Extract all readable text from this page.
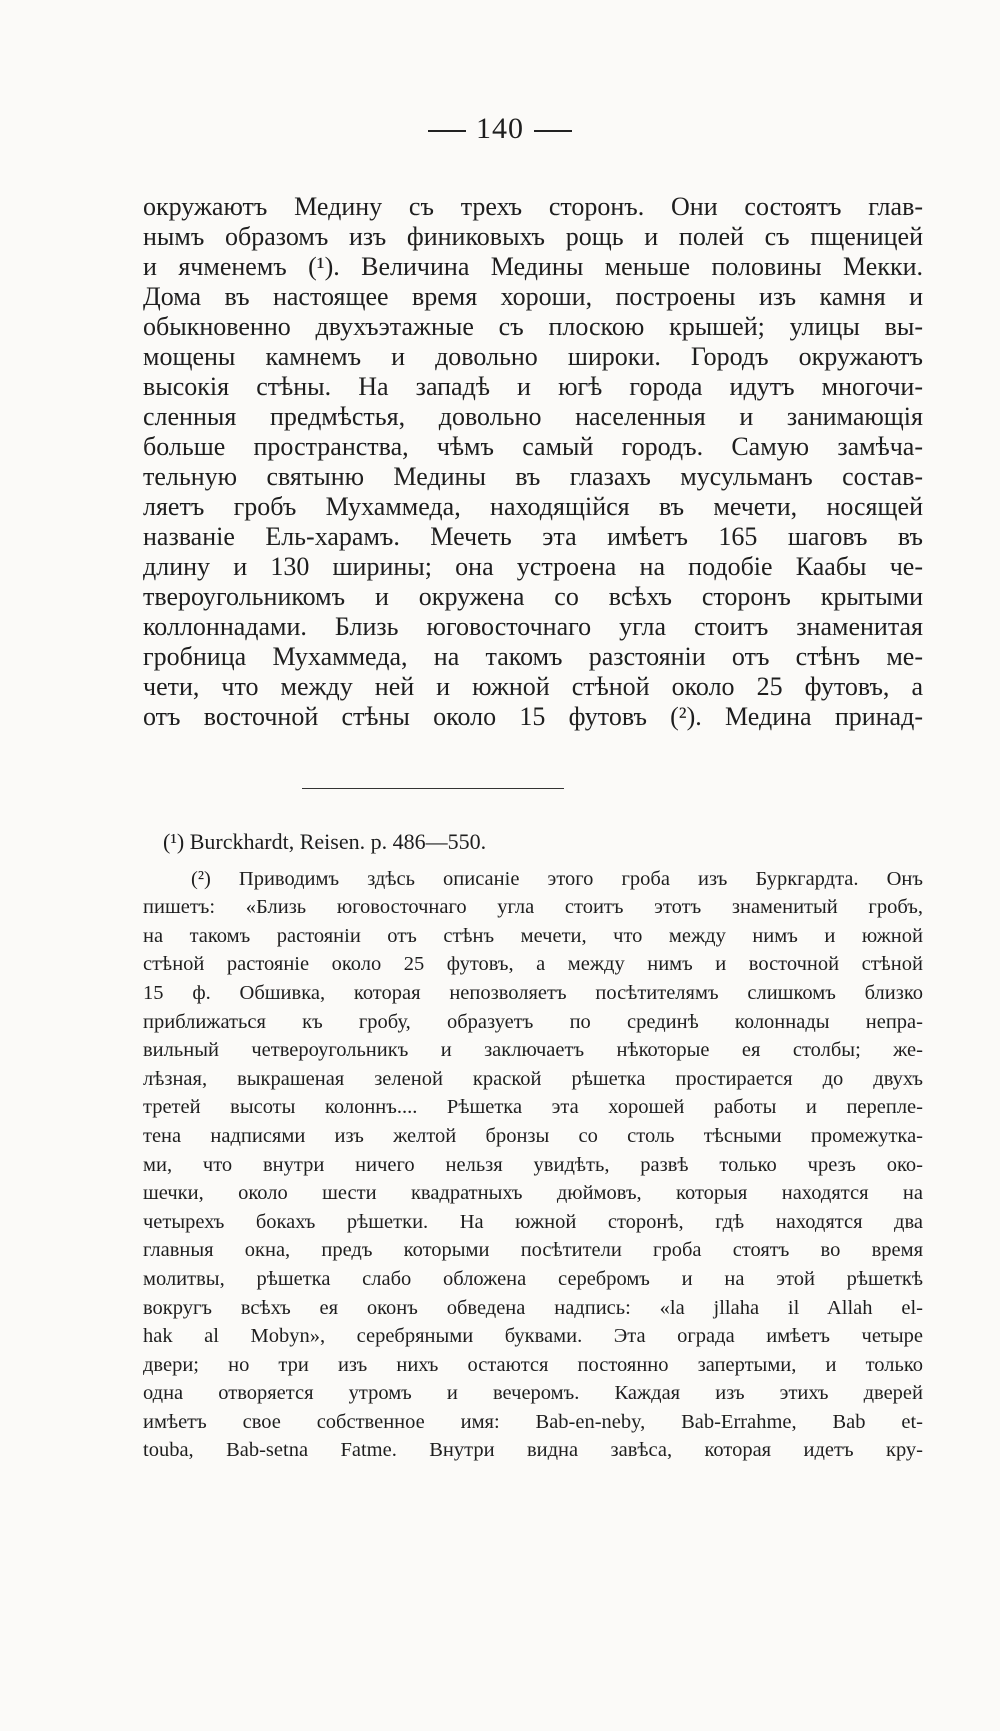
140
окружаютъ Медину съ трехъ сторонъ. Они состоятъ глав-
нымъ образомъ изъ финиковыхъ рощь и полей съ пщеницей
и ячменемъ (¹). Величина Медины меньше половины Мекки.
Дома въ настоящее время хороши, построены изъ камня и
обыкновенно двухъэтажные съ плоскою крышей; улицы вы-
мощены камнемъ и довольно широки. Городъ окружаютъ
высокія стѣны. На западѣ и югѣ города идутъ многочи-
сленныя предмѣстья, довольно населенныя и занимающія
больше пространства, чѣмъ самый городъ. Самую замѣча-
тельную святыню Медины въ глазахъ мусульманъ состав-
ляетъ гробъ Мухаммеда, находящійся въ мечети, носящей
названіе Ель-харамъ. Мечеть эта имѣетъ 165 шаговъ въ
длину и 130 ширины; она устроена на подобіе Каабы че-
твероугольникомъ и окружена со всѣхъ сторонъ крытыми
коллоннадами. Близь юговосточнаго угла стоитъ знаменитая
гробница Мухаммеда, на такомъ разстояніи отъ стѣнъ ме-
чети, что между ней и южной стѣной около 25 футовъ, а
отъ восточной стѣны около 15 футовъ (²). Медина принад-
(¹) Burckhardt, Reisen. p. 486—550.
(²) Приводимъ здѣсь описаніе этого гроба изъ Буркгардта. Онъ
пишетъ: «Близь юговосточнаго угла стоитъ этотъ знаменитый гробъ,
на такомъ растояніи отъ стѣнъ мечети, что между нимъ и южной
стѣной растояніе около 25 футовъ, а между нимъ и восточной стѣной
15 ф. Обшивка, которая непозволяетъ посѣтителямъ слишкомъ близко
приближаться къ гробу, образуетъ по срединѣ колоннады непра-
вильный четвероугольникъ и заключаетъ нѣкоторые ея столбы; же-
лѣзная, выкрашеная зеленой краской рѣшетка простирается до двухъ
третей высоты колоннъ.... Рѣшетка эта хорошей работы и переплe-
тена надписями изъ желтой бронзы со столь тѣсными промежутка-
ми, что внутри ничего нельзя увидѣть, развѣ только чрезъ око-
шечки, около шести квадратныхъ дюймовъ, которыя находятся на
четырехъ бокахъ рѣшетки. На южной сторонѣ, гдѣ находятся два
главныя окна, предъ которыми посѣтители гроба стоятъ во время
молитвы, рѣшетка слабо обложена серебромъ и на этой рѣшеткѣ
вокругъ всѣхъ ея оконъ обведена надпись: «la jllaha il Allah el-
hak al Mobyn», серебряными буквами. Эта ограда имѣетъ четыре
двери; но три изъ нихъ остаются постоянно запертыми, и только
одна отворяется утромъ и вечеромъ. Каждая изъ этихъ дверей
имѣетъ свое собственное имя: Bab-en-neby, Bab-Errahme, Bab et-
touba, Bab-setna Fatme. Внутри видна завѣса, которая идетъ кру-
